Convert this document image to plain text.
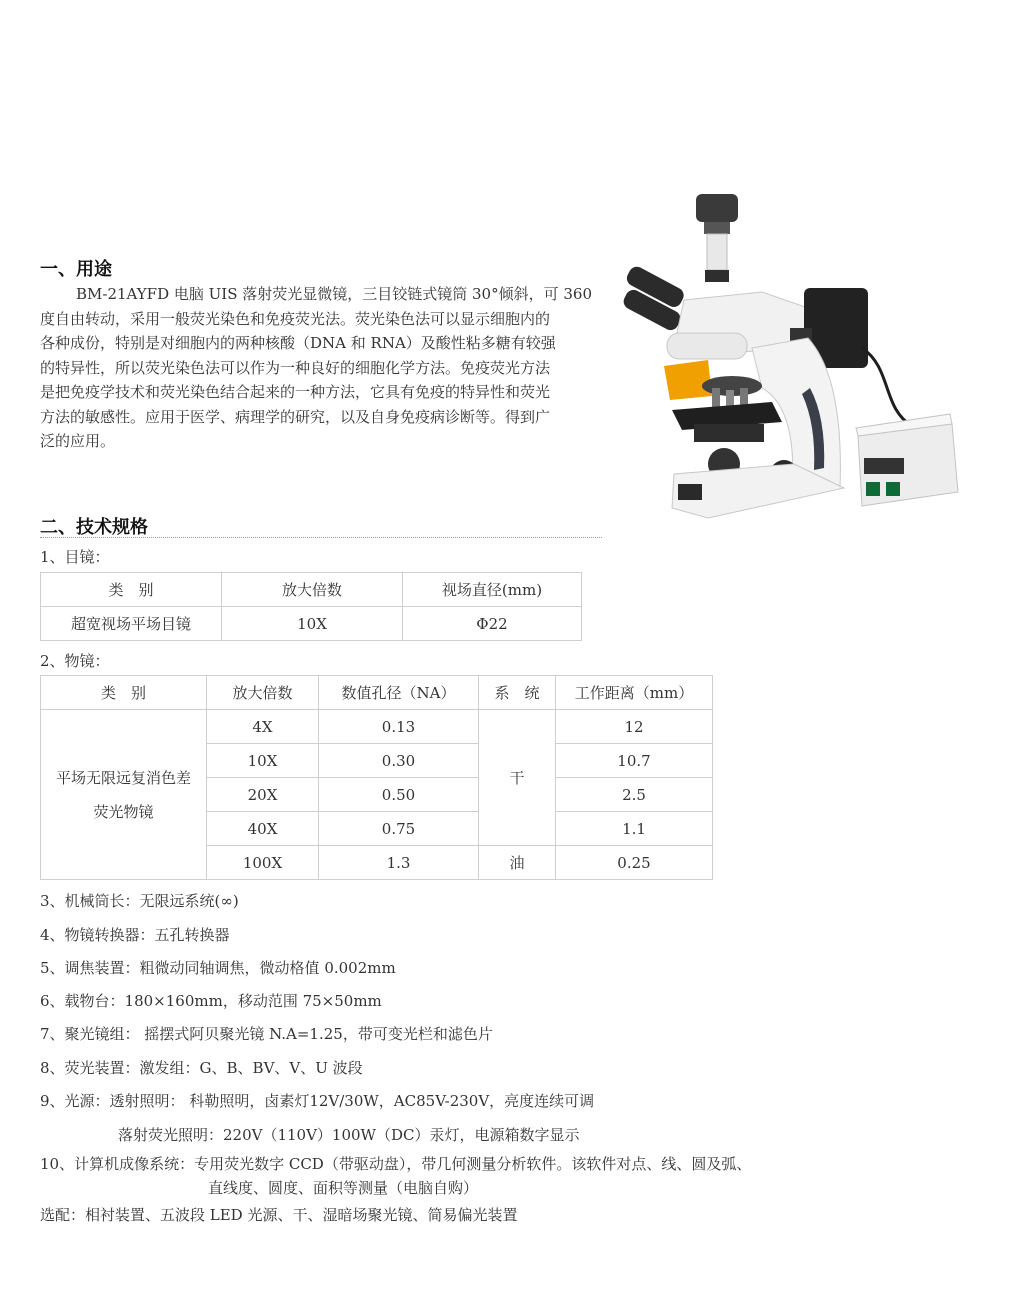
一、用途
BM-21AYFD 电脑 UIS 落射荧光显微镜，三目铰链式镜筒 30°倾斜，可 360
度自由转动，采用一般荧光染色和免疫荧光法。荧光染色法可以显示细胞内的
各种成份，特别是对细胞内的两种核酸（DNA 和 RNA）及酸性粘多糖有较强
的特异性，所以荧光染色法可以作为一种良好的细胞化学方法。免疫荧光方法
是把免疫学技术和荧光染色结合起来的一种方法，它具有免疫的特异性和荧光
方法的敏感性。应用于医学、病理学的研究，以及自身免疫病诊断等。得到广
泛的应用。
二、技术规格
1、目镜：
类　别	放大倍数	视场直径(mm)
超宽视场平场目镜	10X	Φ22
2、物镜：
类　别	放大倍数	数值孔径（NA）	系　统	工作距离（mm）

平场无限远复消色差
荧光物镜	4X	0.13	干	12
	10X	0.30		10.7
	20X	0.50		2.5
	40X	0.75		1.1
	100X	1.3	油	0.25
3、机械筒长：无限远系统(∞)
4、物镜转换器：五孔转换器
5、调焦装置：粗微动同轴调焦，微动格值 0.002mm
6、载物台：180×160mm，移动范围 75×50mm
7、聚光镜组： 摇摆式阿贝聚光镜 N.A=1.25，带可变光栏和滤色片
8、荧光装置：激发组：G、B、BV、V、U 波段
9、光源：透射照明： 科勒照明，卤素灯12V/30W，AC85V-230V，亮度连续可调
落射荧光照明：220V（110V）100W（DC）汞灯，电源箱数字显示
10、计算机成像系统：专用荧光数字 CCD（带驱动盘），带几何测量分析软件。该软件对点、线、圆及弧、
直线度、圆度、面积等测量（电脑自购）
选配：相衬装置、五波段 LED 光源、干、湿暗场聚光镜、简易偏光装置
